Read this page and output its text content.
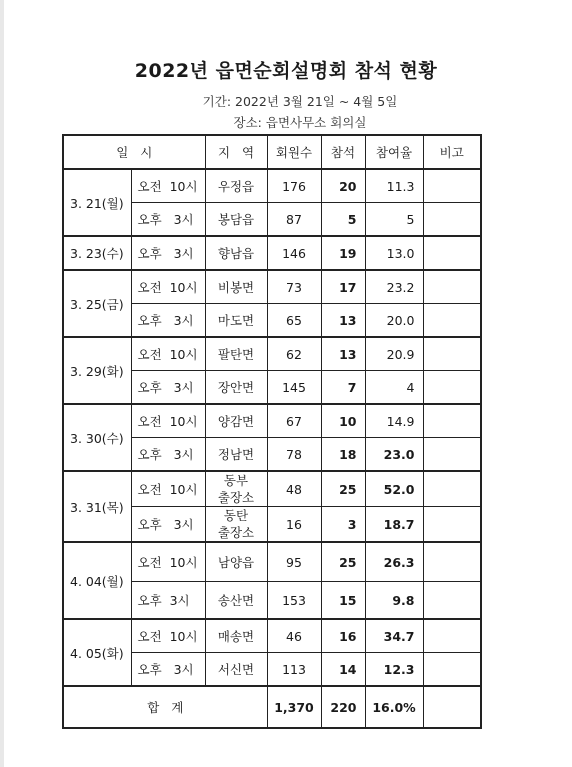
2022년 읍면순회설명회 참석 현황
기간: 2022년 3월 21일 ~ 4월 5일
장소: 읍면사무소 회의실
일   시		지   역	회원수	참석	참여율	비고
3. 21(월)	오전  10시	우정읍	176	20	11.3	
	오후   3시	봉담읍	87	5	5	
3. 23(수)	오후   3시	향남읍	146	19	13.0	
3. 25(금)	오전  10시	비봉면	73	17	23.2	
	오후   3시	마도면	65	13	20.0	
3. 29(화)	오전  10시	팔탄면	62	13	20.9	
	오후   3시	장안면	145	7	4	
3. 30(수)	오전  10시	양감면	67	10	14.9	
	오후   3시	정남면	78	18	23.0	
3. 31(목)	오전  10시	동부
출장소	48	25	52.0	
	오후   3시	동탄
출장소	16	3	18.7	
4. 04(월)	오전  10시	남양읍	95	25	26.3	
	오후  3시	송산면	153	15	9.8	
4. 05(화)	오전  10시	매송면	46	16	34.7	
	오후   3시	서신면	113	14	12.3	
합   계			1,370	220	16.0%	
